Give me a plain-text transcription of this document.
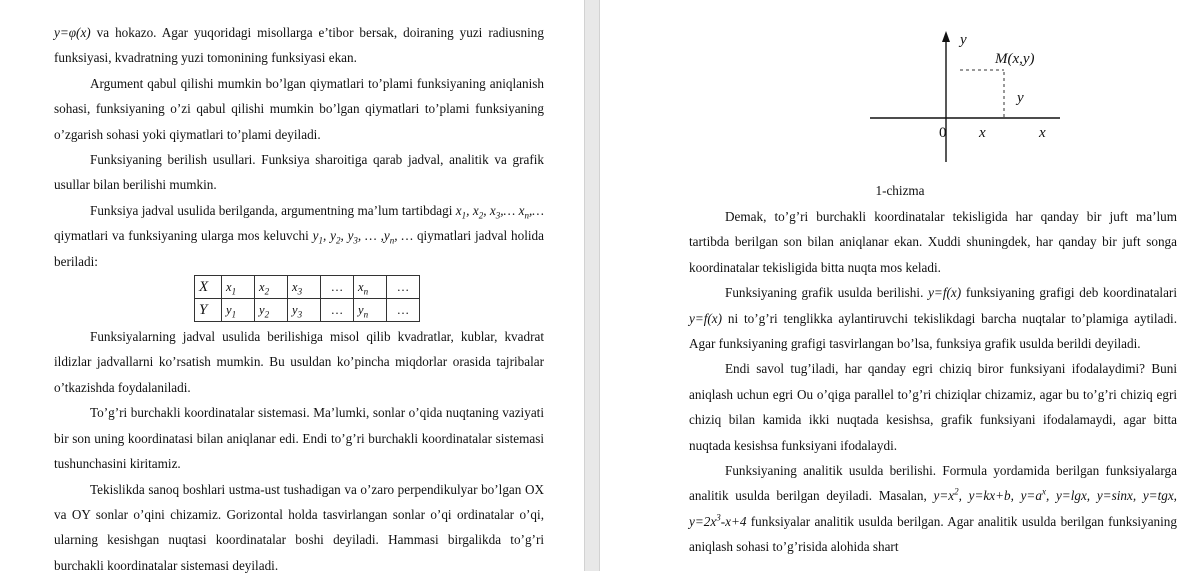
y=φ(x) va hokazo. Agar yuqoridagi misollarga e’tibor bersak, doiraning yuzi radiusning funksiyasi, kvadratning yuzi tomonining funksiyasi ekan.

Argument qabul qilishi mumkin bo’lgan qiymatlari to’plami funksiyaning aniqlanish sohasi, funksiyaning o’zi qabul qilishi mumkin bo’lgan qiymatlari to’plami funksiyaning o’zgarish sohasi yoki qiymatlari to’plami deyiladi.

Funksiyaning berilish usullari. Funksiya sharoitiga qarab jadval, analitik va grafik usullar bilan berilishi mumkin.

Funksiya jadval usulida berilganda, argumentning ma’lum tartibdagi $x_1$, $x_2$, $x_3,\dots$ $x_n,\dots$ qiymatlari va funksiyaning ularga mos keluvchi $y_1$, $y_2$, $y_3$, … $,y_n$, … qiymatlari jadval holida beriladi:

X	$x_1$	$x_2$	$x_3$	…	$x_n$	…
Y	$y_1$	$y_2$	$y_3$	…	$y_n$	…

Funksiyalarning jadval usulida berilishiga misol qilib kvadratlar, kublar, kvadrat ildizlar jadvallarni ko’rsatish mumkin. Bu usuldan ko’pincha miqdorlar orasida tajribalar o’tkazishda foydalaniladi.

To’g’ri burchakli koordinatalar sistemasi. Ma’lumki, sonlar o’qida nuqtaning vaziyati bir son uning koordinatasi bilan aniqlanar edi. Endi to’g’ri burchakli koordinatalar sistemasi tushunchasini kiritamiz.

Tekislikda sanoq boshlari ustma-ust tushadigan va o’zaro perpendikulyar bo’lgan OX va OY sonlar o’qini chizamiz. Gorizontal holda tasvirlangan sonlar o’qi ordinatalar o’qi, ularning kesishgan nuqtasi koordinatalar boshi deyiladi. Hammasi birgalikda to’g’ri burchakli koordinatalar sistemasi deyiladi.

y
M(x,y)
y
0 x	x
1-chizma

Demak, to’g’ri burchakli koordinatalar tekisligida har qanday bir juft ma’lum tartibda berilgan son bilan aniqlanar ekan. Xuddi shuningdek, har qanday bir juft songa koordinatalar tekisligida bitta nuqta mos keladi.

Funksiyaning grafik usulda berilishi. y=f(x) funksiyaning grafigi deb koordinatalari y=f(x) ni to’g’ri tenglikka aylantiruvchi tekislikdagi barcha nuqtalar to’plamiga aytiladi. Agar funksiyaning grafigi tasvirlangan bo’lsa, funksiya grafik usulda berildi deyiladi.

Endi savol tug’iladi, har qanday egri chiziq biror funksiyani ifodalaydimi? Buni aniqlash uchun egri Ou o’qiga parallel to’g’ri chiziqlar chizamiz, agar bu to’g’ri chiziq egri chiziq bilan kamida ikki nuqtada kesishsa, grafik funksiyani ifodalamaydi, agar bitta nuqtada kesishsa funksiyani ifodalaydi.

Funksiyaning analitik usulda berilishi. Formula yordamida berilgan funksiyalarga analitik usulda berilgan deyiladi. Masalan, $y=x^2$, y=kx+b, $y=a^x$, y=lgx, y=sinx, y=tgx, $y=2x^3-x+4$ funksiyalar analitik usulda berilgan. Agar analitik usulda berilgan funksiyaning aniqlash sohasi to’g’risida alohida shart
